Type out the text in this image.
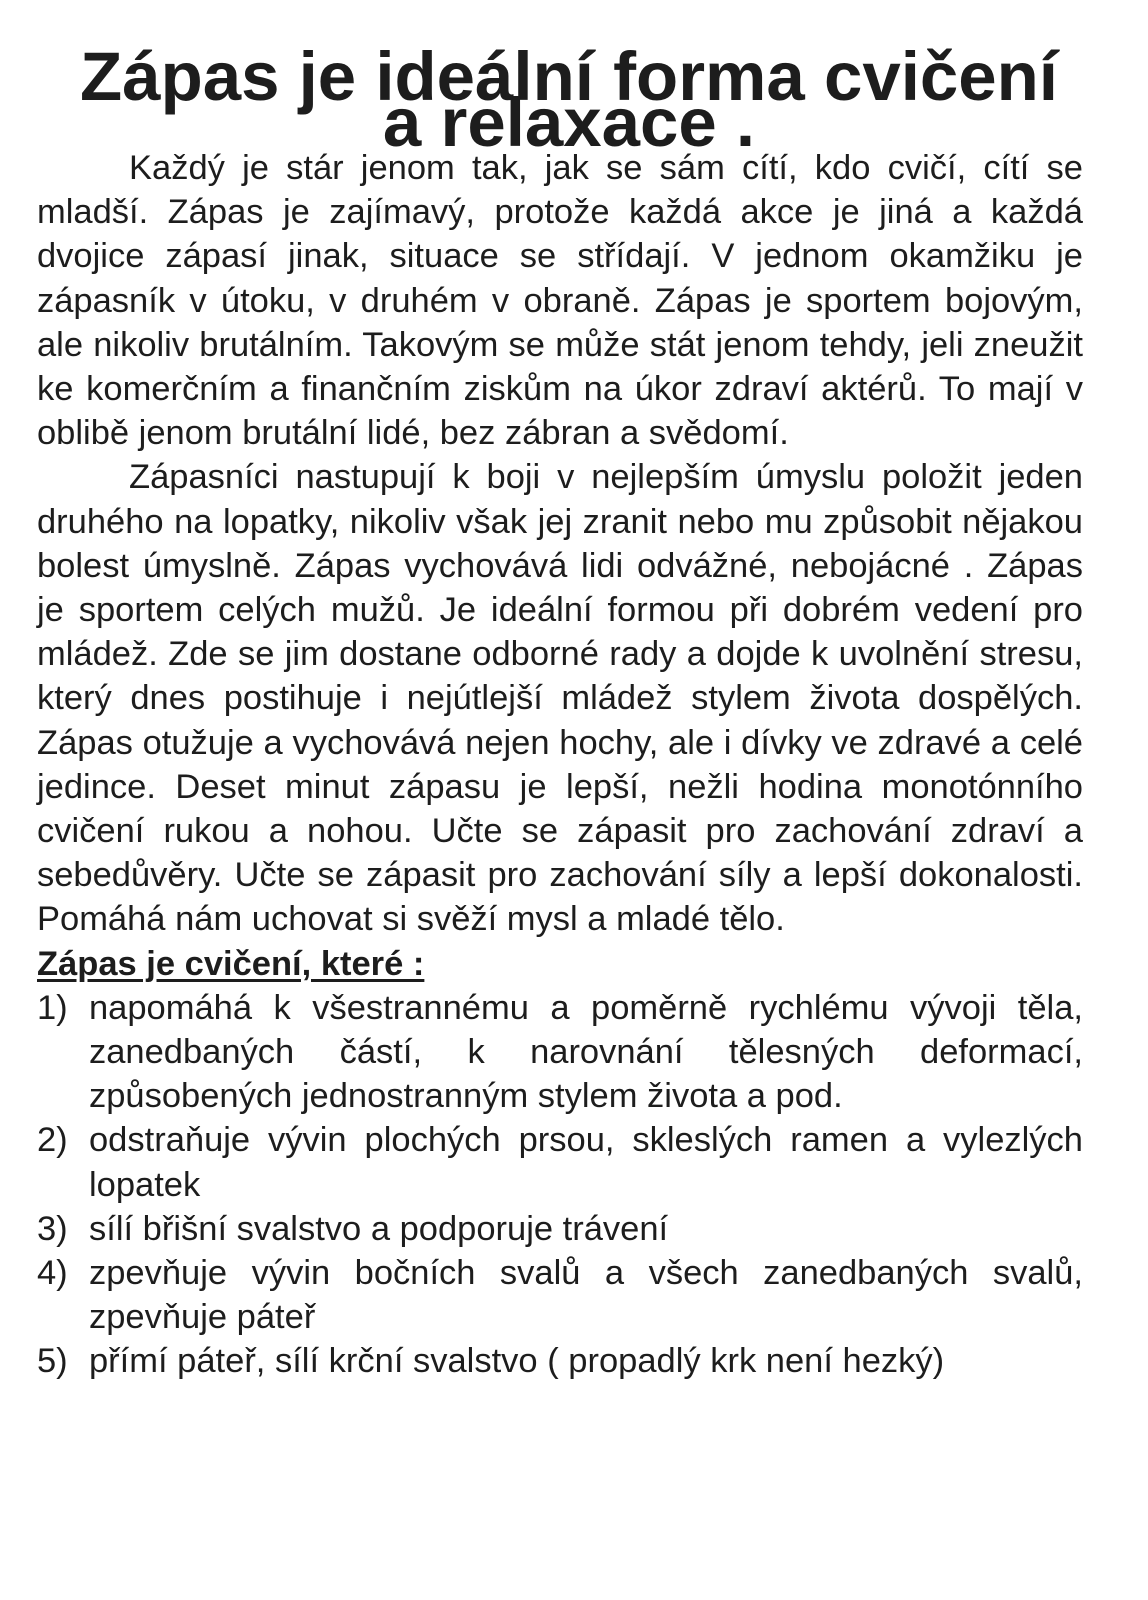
Zápas je ideální forma cvičení a relaxace .

Každý je stár jenom tak, jak se sám cítí, kdo cvičí, cítí se mladší. Zápas je zajímavý, protože každá akce je jiná a každá dvojice zápasí jinak, situace se střídají. V jednom okamžiku je zápasník v útoku, v druhém v obraně. Zápas je sportem bojovým, ale nikoliv brutálním. Takovým se může stát jenom tehdy, jeli zneužit ke komerčním a finančním ziskům na úkor zdraví aktérů. To mají v oblibě jenom brutální lidé, bez zábran a svědomí.

Zápasníci nastupují k boji v nejlepším úmyslu položit jeden druhého na lopatky, nikoliv však jej zranit nebo mu způsobit nějakou bolest úmyslně. Zápas vychovává lidi odvážné, nebojácné . Zápas je sportem celých mužů. Je ideální formou při dobrém vedení pro mládež. Zde se jim dostane odborné rady a dojde k uvolnění stresu, který dnes postihuje i nejútlejší mládež stylem života dospělých. Zápas otužuje a vychovává nejen hochy, ale i dívky ve zdravé a celé jedince. Deset minut zápasu je lepší, nežli hodina monotónního cvičení rukou a nohou. Učte se zápasit pro zachování zdraví a sebedůvěry. Učte se zápasit pro zachování síly a lepší dokonalosti. Pomáhá nám uchovat si svěží mysl a mladé tělo.

Zápas je cvičení, které :

1) napomáhá k všestrannému a poměrně rychlému vývoji těla, zanedbaných částí, k narovnání tělesných deformací, způsobených jednostranným stylem života a pod.
2) odstraňuje vývin plochých prsou, skleslých ramen a vylezlých lopatek
3) sílí břišní svalstvo a podporuje trávení
4) zpevňuje vývin bočních svalů a všech zanedbaných svalů, zpevňuje páteř
5) přímí páteř, sílí krční svalstvo ( propadlý krk není hezký)
